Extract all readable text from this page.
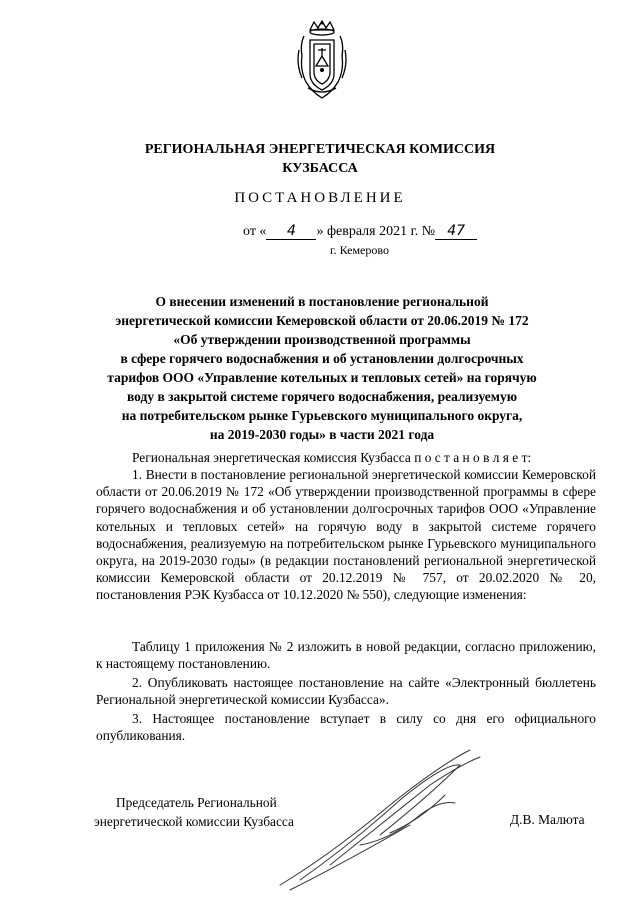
РЕГИОНАЛЬНАЯ ЭНЕРГЕТИЧЕСКАЯ КОМИССИЯ
КУЗБАССА
ПОСТАНОВЛЕНИЕ
от « 4 » февраля 2021 г. № 47
г. Кемерово
О внесении изменений в постановление региональной
энергетической комиссии Кемеровской области от 20.06.2019 № 172
«Об утверждении производственной программы
в сфере горячего водоснабжения и об установлении долгосрочных
тарифов ООО «Управление котельных и тепловых сетей» на горячую
воду в закрытой системе горячего водоснабжения, реализуемую
на потребительском рынке Гурьевского муниципального округа,
на 2019-2030 годы» в части 2021 года

Региональная энергетическая комиссия Кузбасса п о с т а н о в л я е т:

1. Внести в постановление региональной энергетической комиссии Кемеровской области от 20.06.2019 № 172 «Об утверждении производственной программы в сфере горячего водоснабжения и об установлении долгосрочных тарифов ООО «Управление котельных и тепловых сетей» на горячую воду в закрытой системе горячего водоснабжения, реализуемую на потребительском рынке Гурьевского муниципального округа, на 2019-2030 годы» (в редакции постановлений региональной энергетической комиссии Кемеровской области от 20.12.2019 № 757, от 20.02.2020 № 20, постановления РЭК Кузбасса от 10.12.2020 № 550), следующие изменения:

Таблицу 1 приложения № 2 изложить в новой редакции, согласно приложению, к настоящему постановлению.

2. Опубликовать настоящее постановление на сайте «Электронный бюллетень Региональной энергетической комиссии Кузбасса».

3. Настоящее постановление вступает в силу со дня его официального опубликования.

Председатель Региональной
энергетической комиссии Кузбасса	Д.В. Малюта
